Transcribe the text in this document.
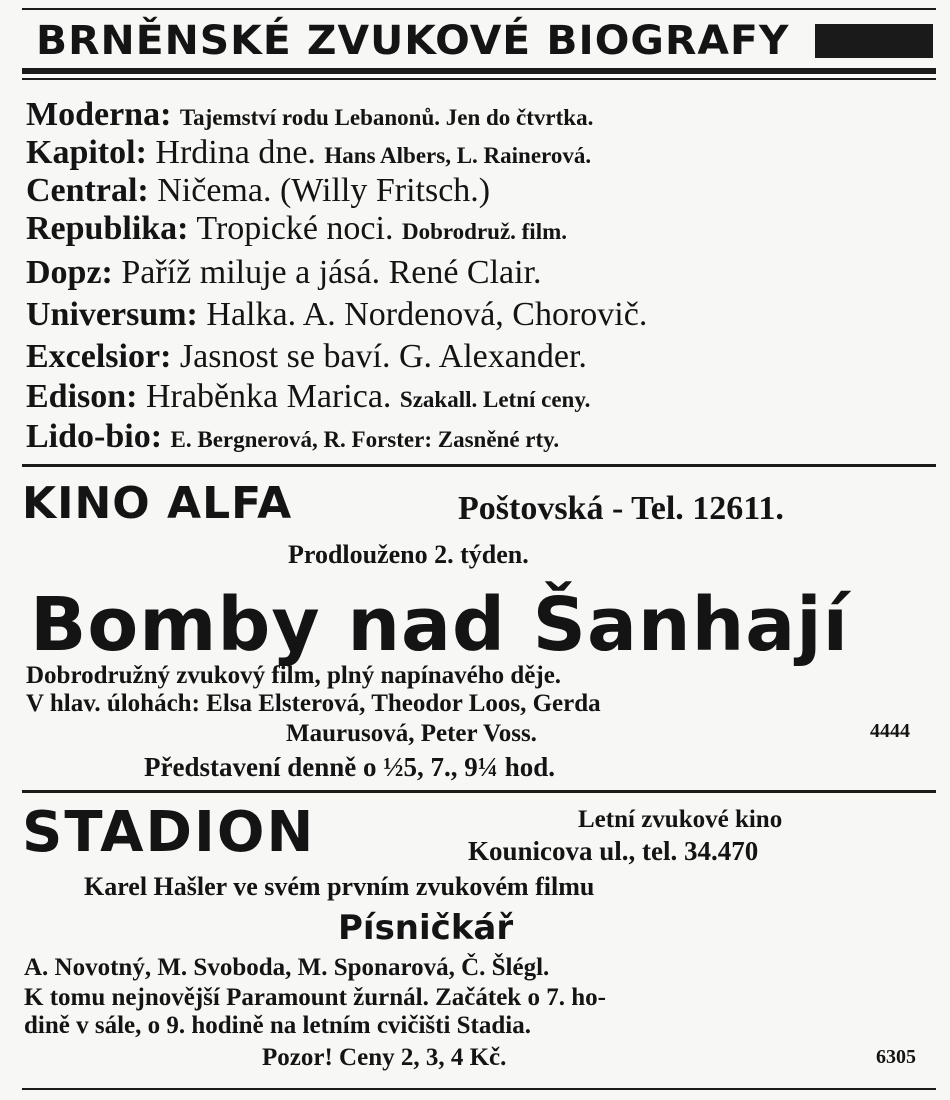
BRNĚNSKÉ ZVUKOVÉ BIOGRAFY
Moderna: Tajemství rodu Lebanonů. Jen do čtvrtka.
Kapitol: Hrdina dne. Hans Albers, L. Rainerová.
Central: Ničema. (Willy Fritsch.)
Republika: Tropické noci. Dobrodruž. film.
Dopz: Paříž miluje a jásá. René Clair.
Universum: Halka. A. Nordenová, Chorovič.
Excelsior: Jasnost se baví. G. Alexander.
Edison: Hraběnka Marica. Szakall. Letní ceny.
Lido-bio: E. Bergnerová, R. Forster: Zasněné rty.
KINO ALFA	Poštovská - Tel. 12611.
Prodlouženo 2. týden.
Bomby nad Šanhají
Dobrodružný zvukový film, plný napínavého děje.
V hlav. úlohách: Elsa Elsterová, Theodor Loos, Gerda
Maurusová, Peter Voss.	4444
Představení denně o ½5, 7., 9¼ hod.
STADION	Letní zvukové kino
Kounicova ul., tel. 34.470
Karel Hašler ve svém prvním zvukovém filmu
Písničkář
A. Novotný, M. Svoboda, M. Sponarová, Č. Šlégl.
K tomu nejnovější Paramount žurnál. Začátek o 7. ho-
dině v sále, o 9. hodině na letním cvičišti Stadia.
Pozor! Ceny 2, 3, 4 Kč.	6305
